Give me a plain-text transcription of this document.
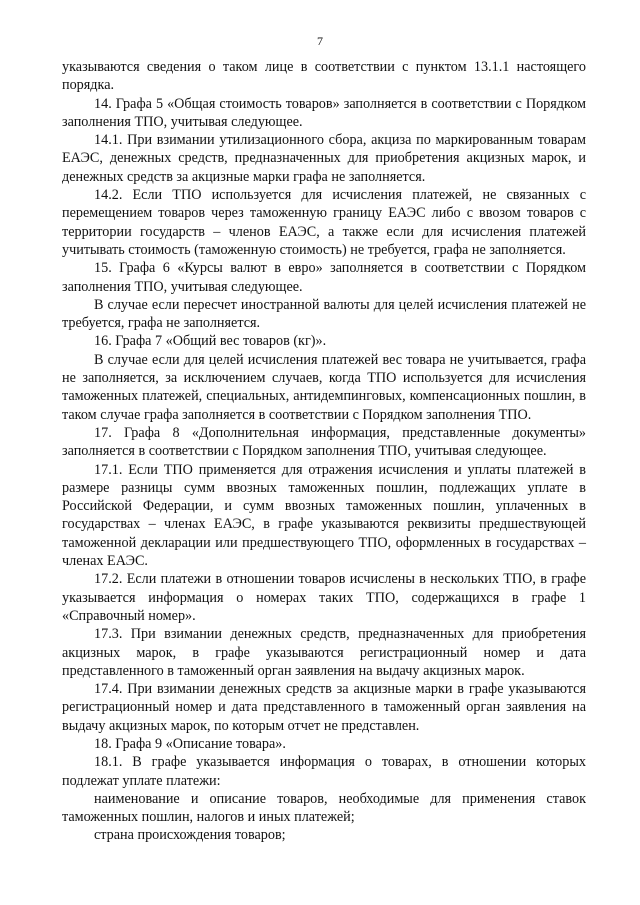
7

указываются сведения о таком лице в соответствии с пунктом 13.1.1 настоящего порядка.

14. Графа 5 «Общая стоимость товаров» заполняется в соответствии с Порядком заполнения ТПО, учитывая следующее.

14.1. При взимании утилизационного сбора, акциза по маркированным товарам ЕАЭС, денежных средств, предназначенных для приобретения акцизных марок, и денежных средств за акцизные марки графа не заполняется.

14.2. Если ТПО используется для исчисления платежей, не связанных с перемещением товаров через таможенную границу ЕАЭС либо с ввозом товаров с территории государств – членов ЕАЭС, а также если для исчисления платежей учитывать стоимость (таможенную стоимость) не требуется, графа не заполняется.

15. Графа 6 «Курсы валют в евро» заполняется в соответствии с Порядком заполнения ТПО, учитывая следующее.

В случае если пересчет иностранной валюты для целей исчисления платежей не требуется, графа не заполняется.

16. Графа 7 «Общий вес товаров (кг)».

В случае если для целей исчисления платежей вес товара не учитывается, графа не заполняется, за исключением случаев, когда ТПО используется для исчисления таможенных платежей, специальных, антидемпинговых, компенсационных пошлин, в таком случае графа заполняется в соответствии с Порядком заполнения ТПО.

17. Графа 8 «Дополнительная информация, представленные документы» заполняется в соответствии с Порядком заполнения ТПО, учитывая следующее.

17.1. Если ТПО применяется для отражения исчисления и уплаты платежей в размере разницы сумм ввозных таможенных пошлин, подлежащих уплате в Российской Федерации, и сумм ввозных таможенных пошлин, уплаченных в государствах – членах ЕАЭС, в графе указываются реквизиты предшествующей таможенной декларации или предшествующего ТПО, оформленных в государствах – членах ЕАЭС.

17.2. Если платежи в отношении товаров исчислены в нескольких ТПО, в графе указывается информация о номерах таких ТПО, содержащихся в графе 1 «Справочный номер».

17.3. При взимании денежных средств, предназначенных для приобретения акцизных марок, в графе указываются регистрационный номер и дата представленного в таможенный орган заявления на выдачу акцизных марок.

17.4. При взимании денежных средств за акцизные марки в графе указываются регистрационный номер и дата представленного в таможенный орган заявления на выдачу акцизных марок, по которым отчет не представлен.

18. Графа 9 «Описание товара».

18.1. В графе указывается информация о товарах, в отношении которых подлежат уплате платежи:

наименование и описание товаров, необходимые для применения ставок таможенных пошлин, налогов и иных платежей;

страна происхождения товаров;
